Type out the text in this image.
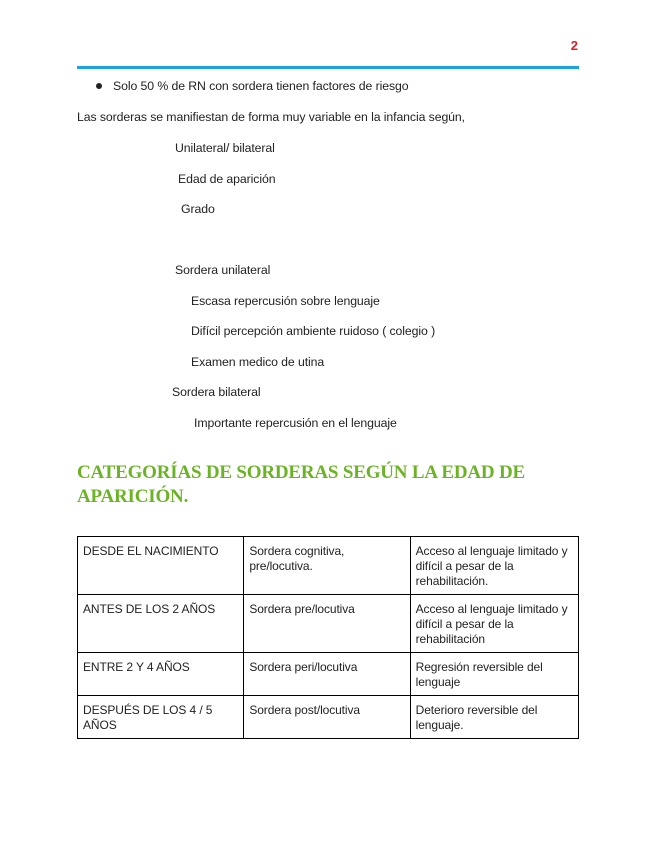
2
Solo 50 % de RN con sordera tienen factores de riesgo
Las sorderas se manifiestan de forma muy variable en la infancia según,
Unilateral/ bilateral
Edad de aparición
Grado
Sordera unilateral
Escasa repercusión sobre lenguaje
Difícil percepción ambiente ruidoso ( colegio )
Examen medico de utina
Sordera bilateral
Importante repercusión en el lenguaje
CATEGORÍAS DE SORDERAS SEGÚN LA EDAD DE APARICIÓN.
DESDE EL NACIMIENTO	Sordera cognitiva, pre/locutiva.	Acceso al lenguaje limitado y difícil a pesar de la rehabilitación.
ANTES DE LOS 2 AÑOS	Sordera pre/locutiva	Acceso al lenguaje limitado y difícil a pesar de la rehabilitación
ENTRE 2 Y 4 AÑOS	Sordera peri/locutiva	Regresión reversible del lenguaje
DESPUÉS DE LOS 4 / 5 AÑOS	Sordera post/locutiva	Deterioro reversible del lenguaje.
